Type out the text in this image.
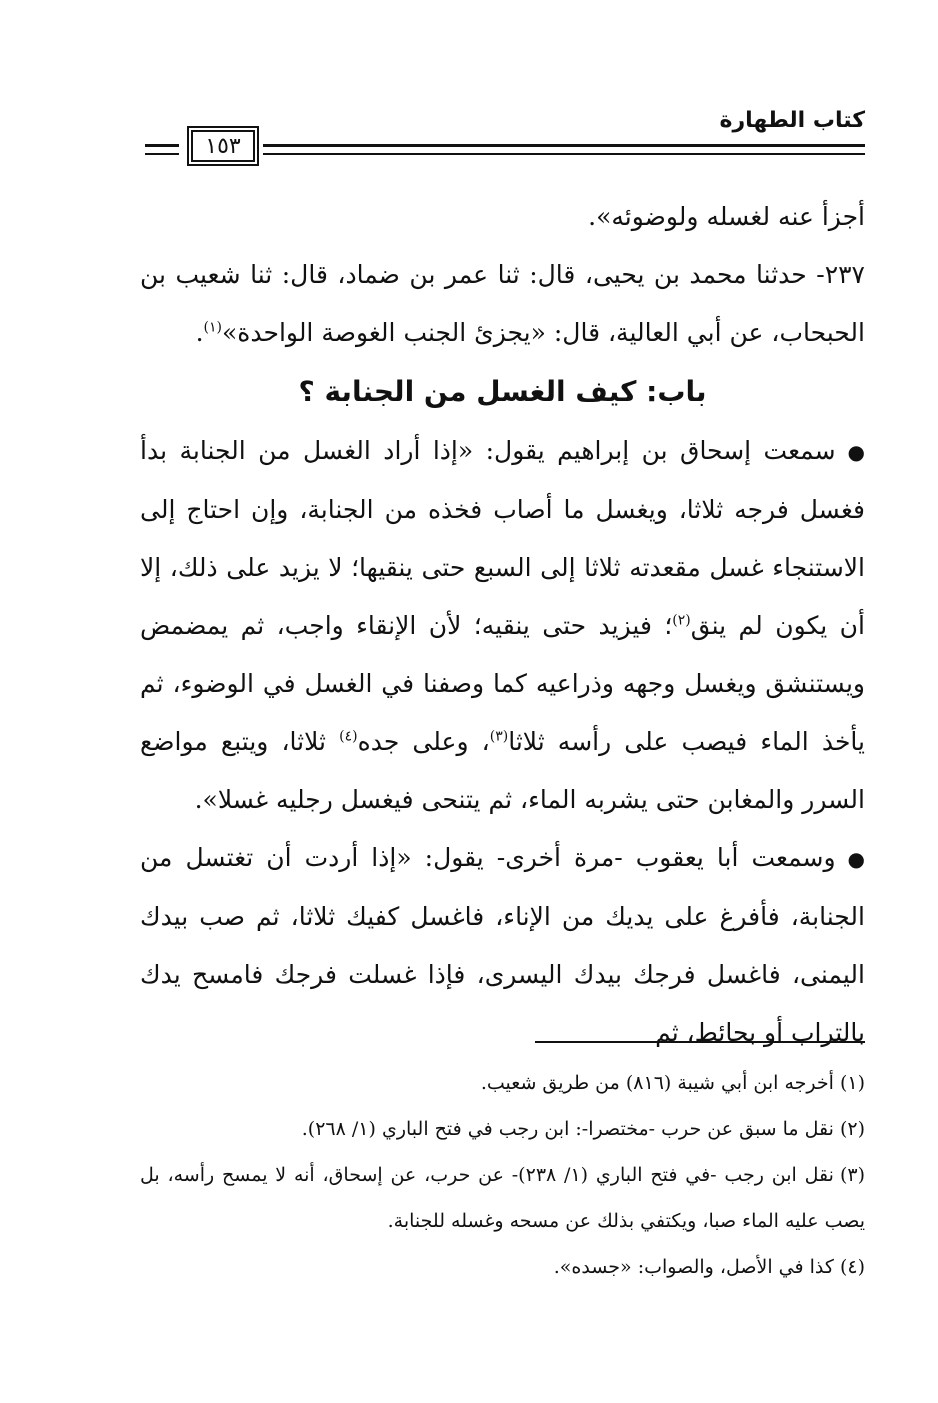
كتاب الطهارة
١٥٣

أجزأ عنه لغسله ولوضوئه».

٢٣٧- حدثنا محمد بن يحيى، قال: ثنا عمر بن ضماد، قال: ثنا شعيب بن الحبحاب، عن أبي العالية، قال: «يجزئ الجنب الغوصة الواحدة»$^{(١)}$.

باب: كيف الغسل من الجنابة ؟

●سمعت إسحاق بن إبراهيم يقول: «إذا أراد الغسل من الجنابة بدأ فغسل فرجه ثلاثا، ويغسل ما أصاب فخذه من الجنابة، وإن احتاج إلى الاستنجاء غسل مقعدته ثلاثا إلى السبع حتى ينقيها؛ لا يزيد على ذلك، إلا أن يكون لم ينق$^{(٢)}$؛ فيزيد حتى ينقيه؛ لأن الإنقاء واجب، ثم يمضمض ويستنشق ويغسل وجهه وذراعيه كما وصفنا في الغسل في الوضوء، ثم يأخذ الماء فيصب على رأسه ثلاثا$^{(٣)}$، وعلى جده$^{(٤)}$ ثلاثا، ويتبع مواضع السرر والمغابن حتى يشربه الماء، ثم يتنحى فيغسل رجليه غسلا».

●وسمعت أبا يعقوب -مرة أخرى- يقول: «إذا أردت أن تغتسل من الجنابة، فأفرغ على يديك من الإناء، فاغسل كفيك ثلاثا، ثم صب بيدك اليمنى، فاغسل فرجك بيدك اليسرى، فإذا غسلت فرجك فامسح يدك بالتراب أو بحائط، ثم

(١)أخرجه ابن أبي شيبة (٨١٦) من طريق شعيب.

(٢)نقل ما سبق عن حرب -مختصرا-: ابن رجب في فتح الباري (١/ ٢٦٨).

(٣)نقل ابن رجب -في فتح الباري (١/ ٢٣٨)- عن حرب، عن إسحاق، أنه لا يمسح رأسه، بل يصب عليه الماء صبا، ويكتفي بذلك عن مسحه وغسله للجنابة.

(٤)كذا في الأصل، والصواب: «جسده».
